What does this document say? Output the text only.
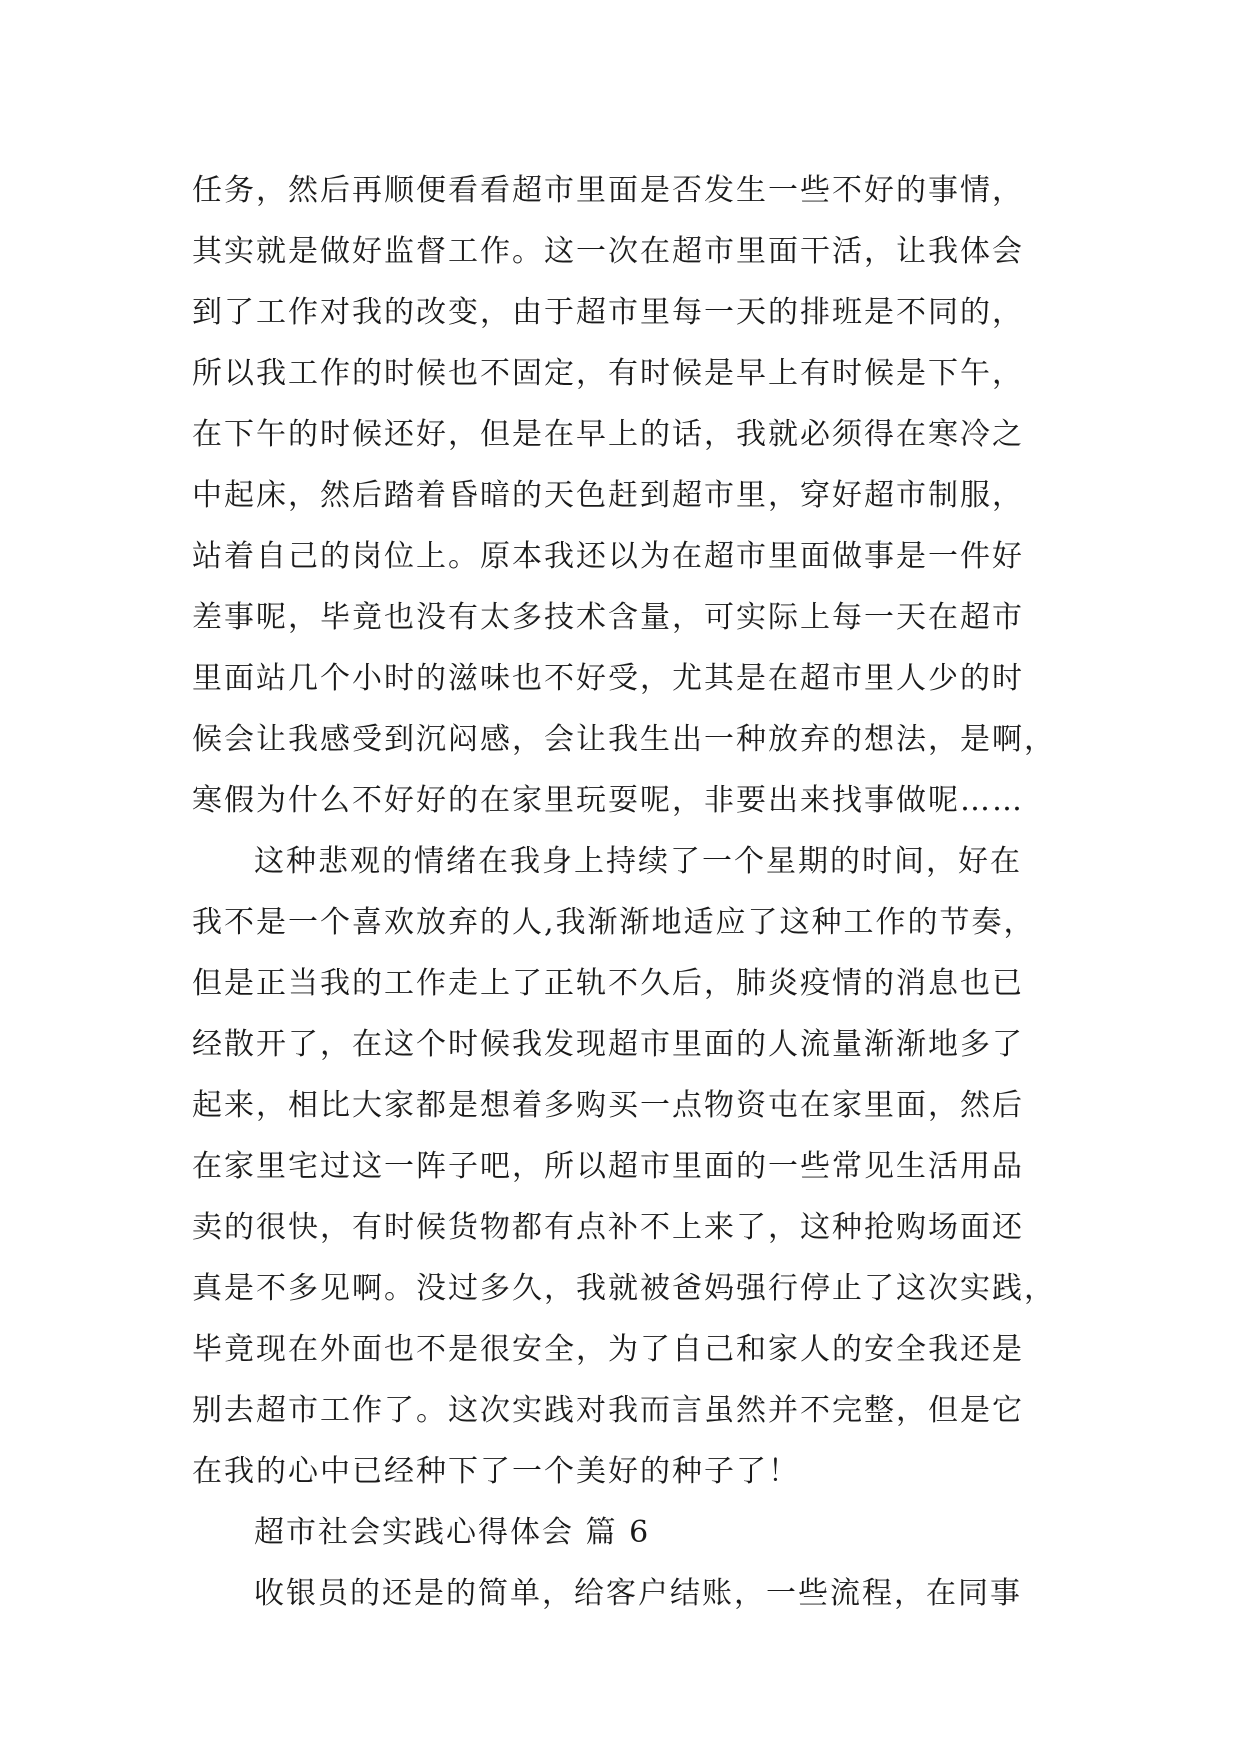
任务，然后再顺便看看超市里面是否发生一些不好的事情，
其实就是做好监督工作。这一次在超市里面干活，让我体会
到了工作对我的改变，由于超市里每一天的排班是不同的，
所以我工作的时候也不固定，有时候是早上有时候是下午，
在下午的时候还好，但是在早上的话，我就必须得在寒冷之
中起床，然后踏着昏暗的天色赶到超市里，穿好超市制服，
站着自己的岗位上。原本我还以为在超市里面做事是一件好
差事呢，毕竟也没有太多技术含量，可实际上每一天在超市
里面站几个小时的滋味也不好受，尤其是在超市里人少的时
候会让我感受到沉闷感，会让我生出一种放弃的想法，是啊，
寒假为什么不好好的在家里玩耍呢，非要出来找事做呢……
这种悲观的情绪在我身上持续了一个星期的时间，好在
我不是一个喜欢放弃的人,我渐渐地适应了这种工作的节奏，
但是正当我的工作走上了正轨不久后，肺炎疫情的消息也已
经散开了，在这个时候我发现超市里面的人流量渐渐地多了
起来，相比大家都是想着多购买一点物资屯在家里面，然后
在家里宅过这一阵子吧，所以超市里面的一些常见生活用品
卖的很快，有时候货物都有点补不上来了，这种抢购场面还
真是不多见啊。没过多久，我就被爸妈强行停止了这次实践，
毕竟现在外面也不是很安全，为了自己和家人的安全我还是
别去超市工作了。这次实践对我而言虽然并不完整，但是它
在我的心中已经种下了一个美好的种子了！
超市社会实践心得体会 篇 6
收银员的还是的简单，给客户结账，一些流程，在同事
